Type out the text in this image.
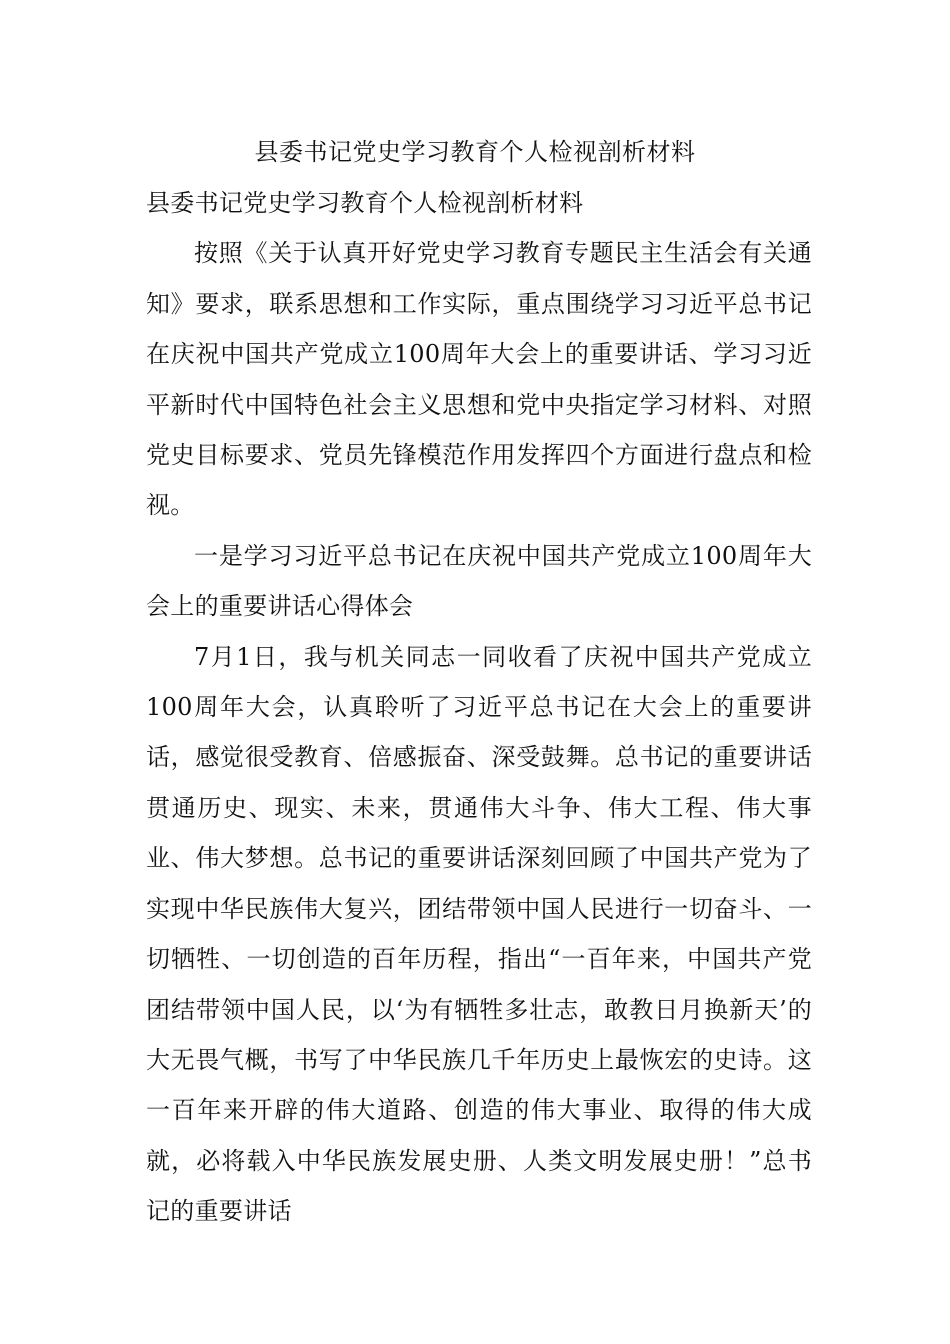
县委书记党史学习教育个人检视剖析材料

县委书记党史学习教育个人检视剖析材料

按照《关于认真开好党史学习教育专题民主生活会有关通知》要求，联系思想和工作实际，重点围绕学习习近平总书记在庆祝中国共产党成立100周年大会上的重要讲话、学习习近平新时代中国特色社会主义思想和党中央指定学习材料、对照党史目标要求、党员先锋模范作用发挥四个方面进行盘点和检视。

一是学习习近平总书记在庆祝中国共产党成立100周年大会上的重要讲话心得体会

7月1日，我与机关同志一同收看了庆祝中国共产党成立100周年大会，认真聆听了习近平总书记在大会上的重要讲话，感觉很受教育、倍感振奋、深受鼓舞。总书记的重要讲话贯通历史、现实、未来，贯通伟大斗争、伟大工程、伟大事业、伟大梦想。总书记的重要讲话深刻回顾了中国共产党为了实现中华民族伟大复兴，团结带领中国人民进行一切奋斗、一切牺牲、一切创造的百年历程，指出“一百年来，中国共产党团结带领中国人民，以‘为有牺牲多壮志，敢教日月换新天’的大无畏气概，书写了中华民族几千年历史上最恢宏的史诗。这一百年来开辟的伟大道路、创造的伟大事业、取得的伟大成就，必将载入中华民族发展史册、人类文明发展史册！”总书记的重要讲话
